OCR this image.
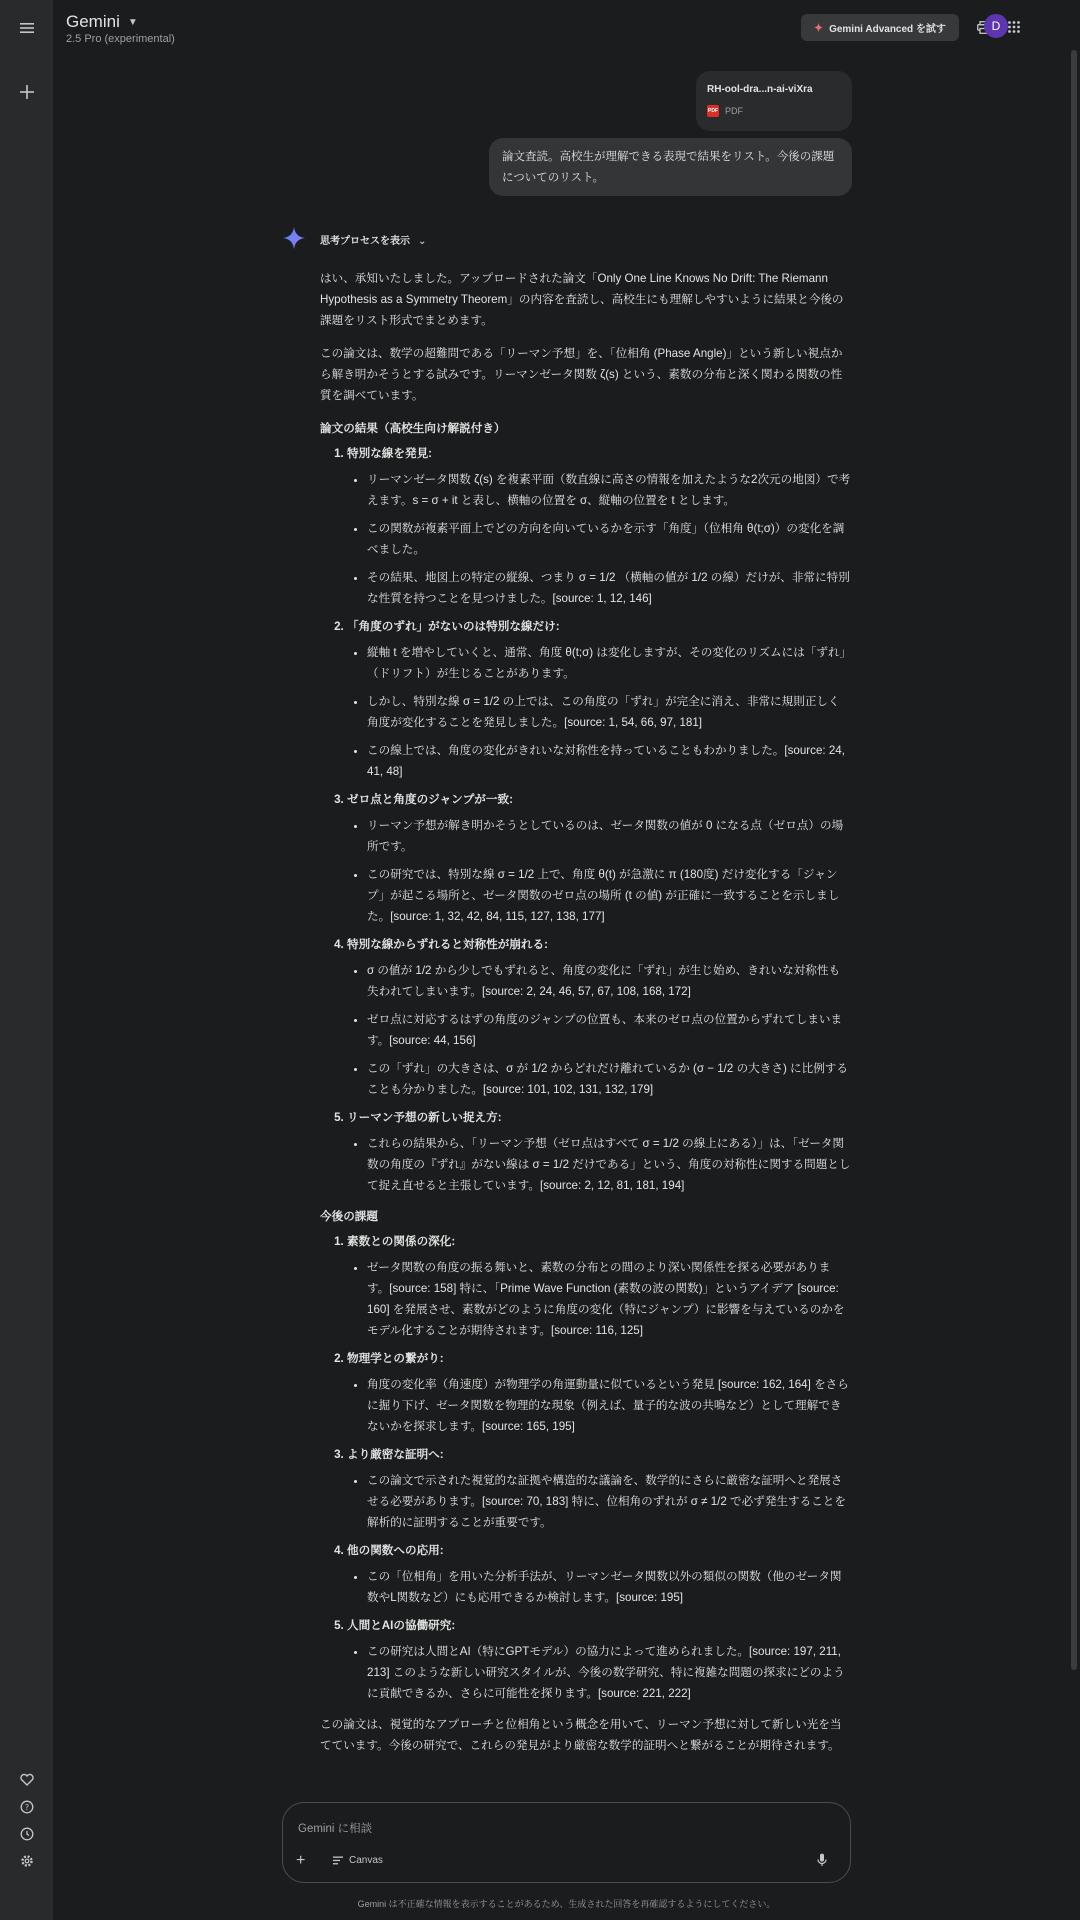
?
Gemini ▼
2.5 Pro (experimental)
Gemini Advanced を試す	D
RH-ool-dra...n-ai-viXra
PDF PDF
論文査読。高校生が理解できる表現で結果をリスト。今後の課題についてのリスト。
思考プロセスを表示 ⌄

はい、承知いたしました。アップロードされた論文「Only One Line Knows No Drift: The Riemann Hypothesis as a Symmetry Theorem」の内容を査読し、高校生にも理解しやすいように結果と今後の課題をリスト形式でまとめます。

この論文は、数学の超難問である「リーマン予想」を、「位相角 (Phase Angle)」という新しい視点から解き明かそうとする試みです。リーマンゼータ関数 ζ(s) という、素数の分布と深く関わる関数の性質を調べています。

論文の結果（高校生向け解説付き）
1. 特別な線を発見:
• リーマンゼータ関数 ζ(s) を複素平面（数直線に高さの情報を加えたような2次元の地図）で考えます。s = σ + it と表し、横軸の位置を σ、縦軸の位置を t とします。
• この関数が複素平面上でどの方向を向いているかを示す「角度」（位相角 θ(t;σ)）の変化を調べました。
• その結果、地図上の特定の縦線、つまり σ = 1/2 （横軸の値が 1/2 の線）だけが、非常に特別な性質を持つことを見つけました。[source: 1, 12, 146]
2. 「角度のずれ」がないのは特別な線だけ:
• 縦軸 t を増やしていくと、通常、角度 θ(t;σ) は変化しますが、その変化のリズムには「ずれ」（ドリフト）が生じることがあります。
• しかし、特別な線 σ = 1/2 の上では、この角度の「ずれ」が完全に消え、非常に規則正しく角度が変化することを発見しました。[source: 1, 54, 66, 97, 181]
• この線上では、角度の変化がきれいな対称性を持っていることもわかりました。[source: 24, 41, 48]
3. ゼロ点と角度のジャンプが一致:
• リーマン予想が解き明かそうとしているのは、ゼータ関数の値が 0 になる点（ゼロ点）の場所です。
• この研究では、特別な線 σ = 1/2 上で、角度 θ(t) が急激に π (180度) だけ変化する「ジャンプ」が起こる場所と、ゼータ関数のゼロ点の場所 (t の値) が正確に一致することを示しました。[source: 1, 32, 42, 84, 115, 127, 138, 177]
4. 特別な線からずれると対称性が崩れる:
• σ の値が 1/2 から少しでもずれると、角度の変化に「ずれ」が生じ始め、きれいな対称性も失われてしまいます。[source: 2, 24, 46, 57, 67, 108, 168, 172]
• ゼロ点に対応するはずの角度のジャンプの位置も、本来のゼロ点の位置からずれてしまいます。[source: 44, 156]
• この「ずれ」の大きさは、σ が 1/2 からどれだけ離れているか (σ − 1/2 の大きさ) に比例することも分かりました。[source: 101, 102, 131, 132, 179]
5. リーマン予想の新しい捉え方:
• これらの結果から、「リーマン予想（ゼロ点はすべて σ = 1/2 の線上にある）」は、「ゼータ関数の角度の『ずれ』がない線は σ = 1/2 だけである」という、角度の対称性に関する問題として捉え直せると主張しています。[source: 2, 12, 81, 181, 194]
今後の課題
1. 素数との関係の深化:
• ゼータ関数の角度の振る舞いと、素数の分布との間のより深い関係性を探る必要があります。[source: 158] 特に、「Prime Wave Function (素数の波の関数)」というアイデア [source: 160] を発展させ、素数がどのように角度の変化（特にジャンプ）に影響を与えているのかをモデル化することが期待されます。[source: 116, 125]
2. 物理学との繋がり:
• 角度の変化率（角速度）が物理学の角運動量に似ているという発見 [source: 162, 164] をさらに掘り下げ、ゼータ関数を物理的な現象（例えば、量子的な波の共鳴など）として理解できないかを探求します。[source: 165, 195]
3. より厳密な証明へ:
• この論文で示された視覚的な証拠や構造的な議論を、数学的にさらに厳密な証明へと発展させる必要があります。[source: 70, 183] 特に、位相角のずれが σ ≠ 1/2 で必ず発生することを解析的に証明することが重要です。
4. 他の関数への応用:
• この「位相角」を用いた分析手法が、リーマンゼータ関数以外の類似の関数（他のゼータ関数やL関数など）にも応用できるか検討します。[source: 195]
5. 人間とAIの協働研究:
• この研究は人間とAI（特にGPTモデル）の協力によって進められました。[source: 197, 211, 213] このような新しい研究スタイルが、今後の数学研究、特に複雑な問題の探求にどのように貢献できるか、さらに可能性を探ります。[source: 221, 222]

この論文は、視覚的なアプローチと位相角という概念を用いて、リーマン予想に対して新しい光を当てています。今後の研究で、これらの発見がより厳密な数学的証明へと繋がることが期待されます。

Gemini に相談
+	Canvas
Gemini は不正確な情報を表示することがあるため、生成された回答を再確認するようにしてください。
